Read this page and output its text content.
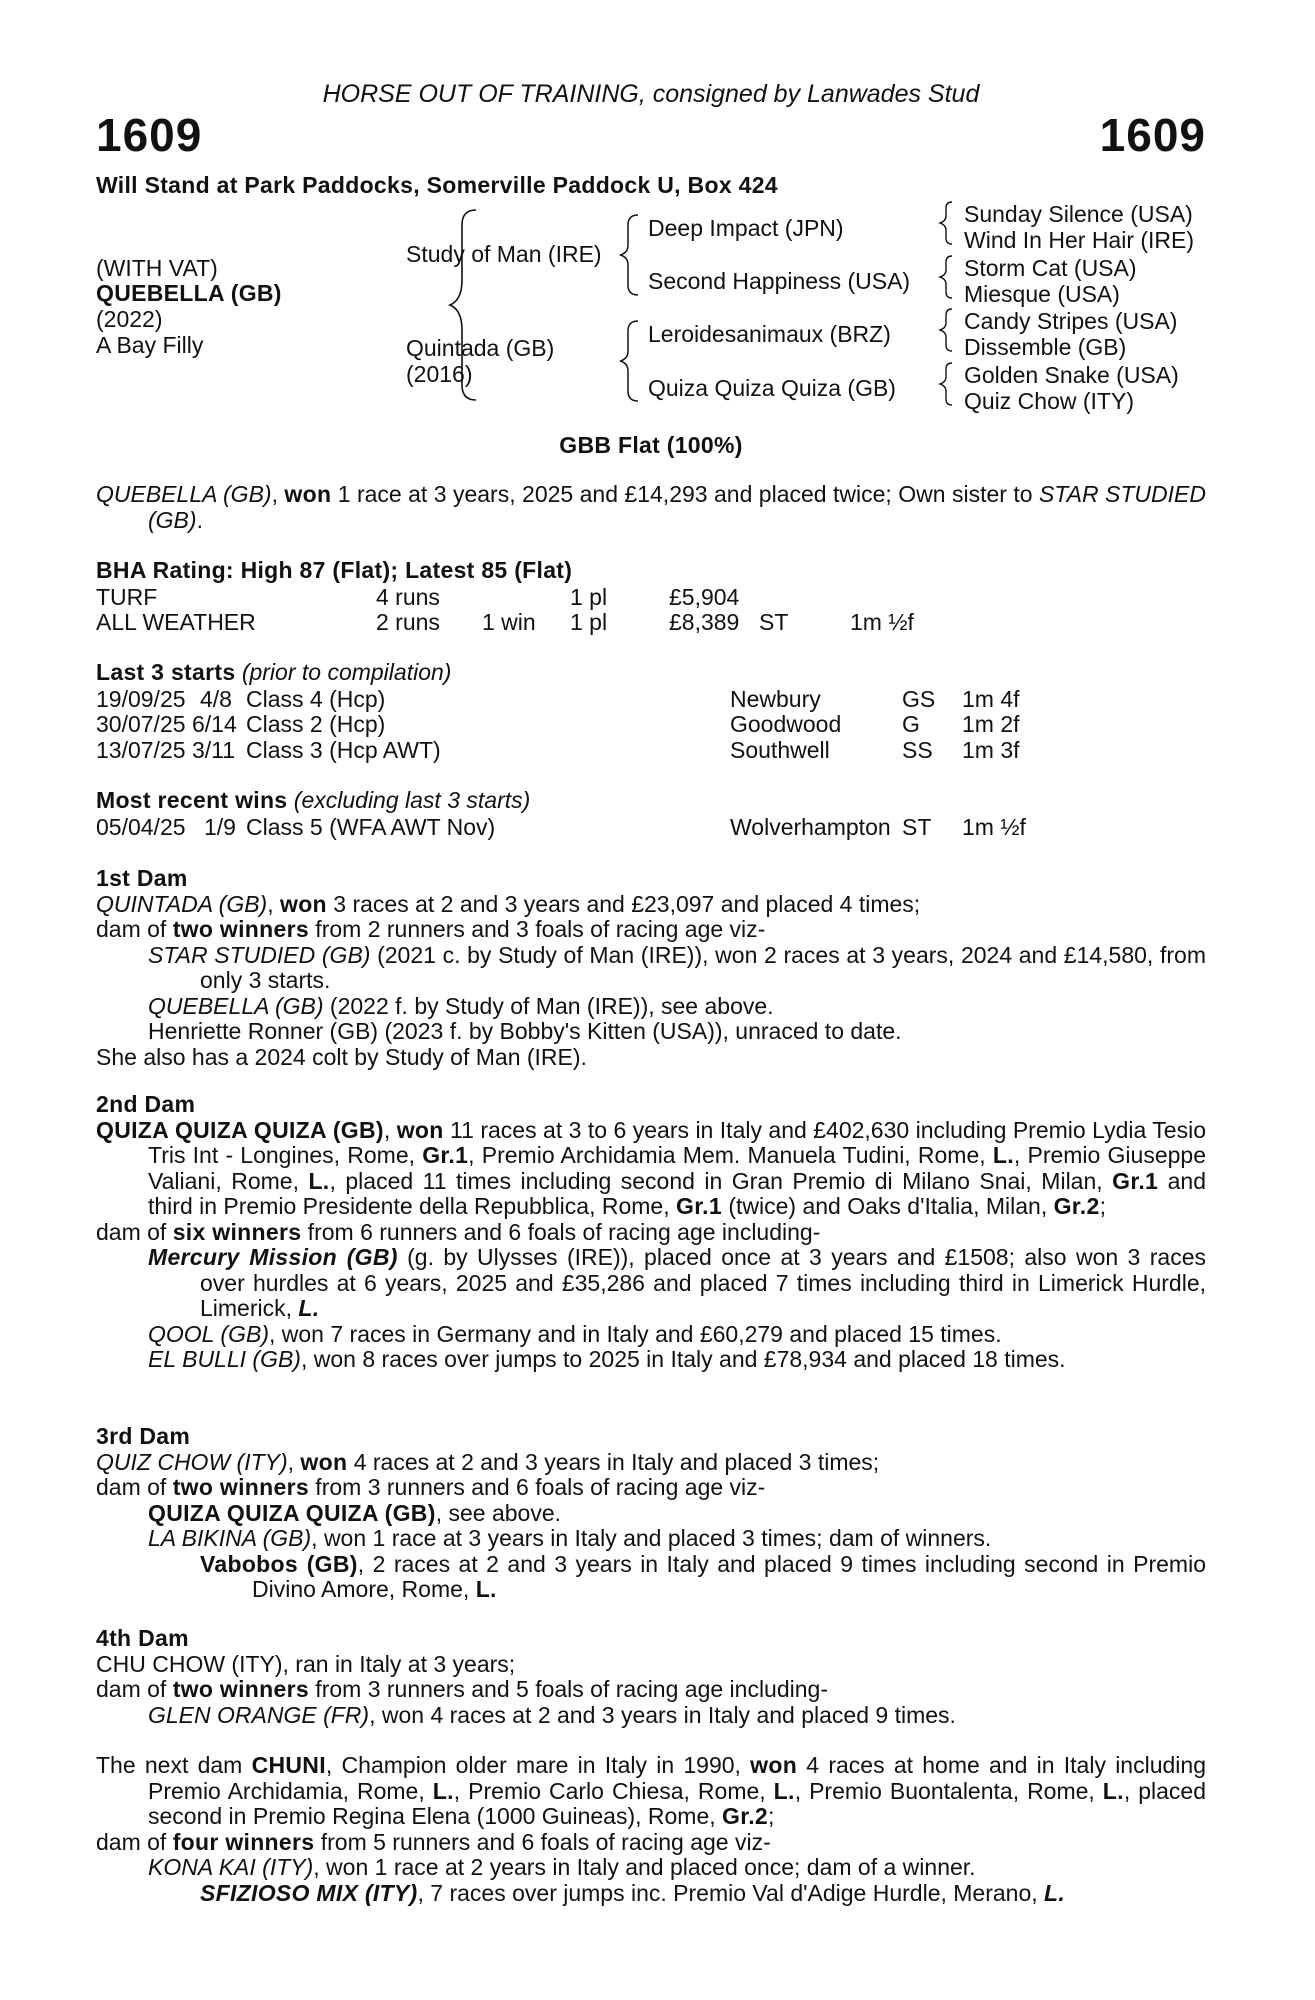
HORSE OUT OF TRAINING, consigned by Lanwades Stud
1609	1609
Will Stand at Park Paddocks, Somerville Paddock U, Box 424
(WITH VAT)
QUEBELLA (GB)
(2022)
A Bay Filly
Study of Man (IRE)
Quintada (GB)
(2016)
Deep Impact (JPN)
Second Happiness (USA)
Leroidesanimaux (BRZ)
Quiza Quiza Quiza (GB)
Sunday Silence (USA)
Wind In Her Hair (IRE)
Storm Cat (USA)
Miesque (USA)
Candy Stripes (USA)
Dissemble (GB)
Golden Snake (USA)
Quiz Chow (ITY)
GBB Flat (100%)
QUEBELLA (GB), won 1 race at 3 years, 2025 and £14,293 and placed twice; Own sister to STAR STUDIED (GB).
BHA Rating: High 87 (Flat); Latest 85 (Flat)
TURF	4 runs	1 pl	£5,904
ALL WEATHER	2 runs 1 win 1 pl	£8,389 ST	1m ½f
Last 3 starts (prior to compilation)
19/09/25 4/8 Class 4 (Hcp)	Newbury	GS 1m 4f
30/07/25 6/14 Class 2 (Hcp)	Goodwood	G 1m 2f
13/07/25 3/11 Class 3 (Hcp AWT)	Southwell	SS 1m 3f
Most recent wins (excluding last 3 starts)
05/04/25 1/9 Class 5 (WFA AWT Nov)	Wolverhampton ST 1m ½f
1st Dam
QUINTADA (GB), won 3 races at 2 and 3 years and £23,097 and placed 4 times;
dam of two winners from 2 runners and 3 foals of racing age viz-
STAR STUDIED (GB) (2021 c. by Study of Man (IRE)), won 2 races at 3 years, 2024 and £14,580, from only 3 starts.
QUEBELLA (GB) (2022 f. by Study of Man (IRE)), see above.
Henriette Ronner (GB) (2023 f. by Bobby's Kitten (USA)), unraced to date.
She also has a 2024 colt by Study of Man (IRE).
2nd Dam
QUIZA QUIZA QUIZA (GB), won 11 races at 3 to 6 years in Italy and £402,630 including Premio Lydia Tesio Tris Int - Longines, Rome, Gr.1, Premio Archidamia Mem. Manuela Tudini, Rome, L., Premio Giuseppe Valiani, Rome, L., placed 11 times including second in Gran Premio di Milano Snai, Milan, Gr.1 and third in Premio Presidente della Repubblica, Rome, Gr.1 (twice) and Oaks d'Italia, Milan, Gr.2;
dam of six winners from 6 runners and 6 foals of racing age including-
Mercury Mission (GB) (g. by Ulysses (IRE)), placed once at 3 years and £1508; also won 3 races over hurdles at 6 years, 2025 and £35,286 and placed 7 times including third in Limerick Hurdle, Limerick, L.
QOOL (GB), won 7 races in Germany and in Italy and £60,279 and placed 15 times.
EL BULLI (GB), won 8 races over jumps to 2025 in Italy and £78,934 and placed 18 times.
3rd Dam
QUIZ CHOW (ITY), won 4 races at 2 and 3 years in Italy and placed 3 times;
dam of two winners from 3 runners and 6 foals of racing age viz-
QUIZA QUIZA QUIZA (GB), see above.
LA BIKINA (GB), won 1 race at 3 years in Italy and placed 3 times; dam of winners.
Vabobos (GB), 2 races at 2 and 3 years in Italy and placed 9 times including second in Premio Divino Amore, Rome, L.
4th Dam
CHU CHOW (ITY), ran in Italy at 3 years;
dam of two winners from 3 runners and 5 foals of racing age including-
GLEN ORANGE (FR), won 4 races at 2 and 3 years in Italy and placed 9 times.
The next dam CHUNI, Champion older mare in Italy in 1990, won 4 races at home and in Italy including Premio Archidamia, Rome, L., Premio Carlo Chiesa, Rome, L., Premio Buontalenta, Rome, L., placed second in Premio Regina Elena (1000 Guineas), Rome, Gr.2;
dam of four winners from 5 runners and 6 foals of racing age viz-
KONA KAI (ITY), won 1 race at 2 years in Italy and placed once; dam of a winner.
SFIZIOSO MIX (ITY), 7 races over jumps inc. Premio Val d'Adige Hurdle, Merano, L.
